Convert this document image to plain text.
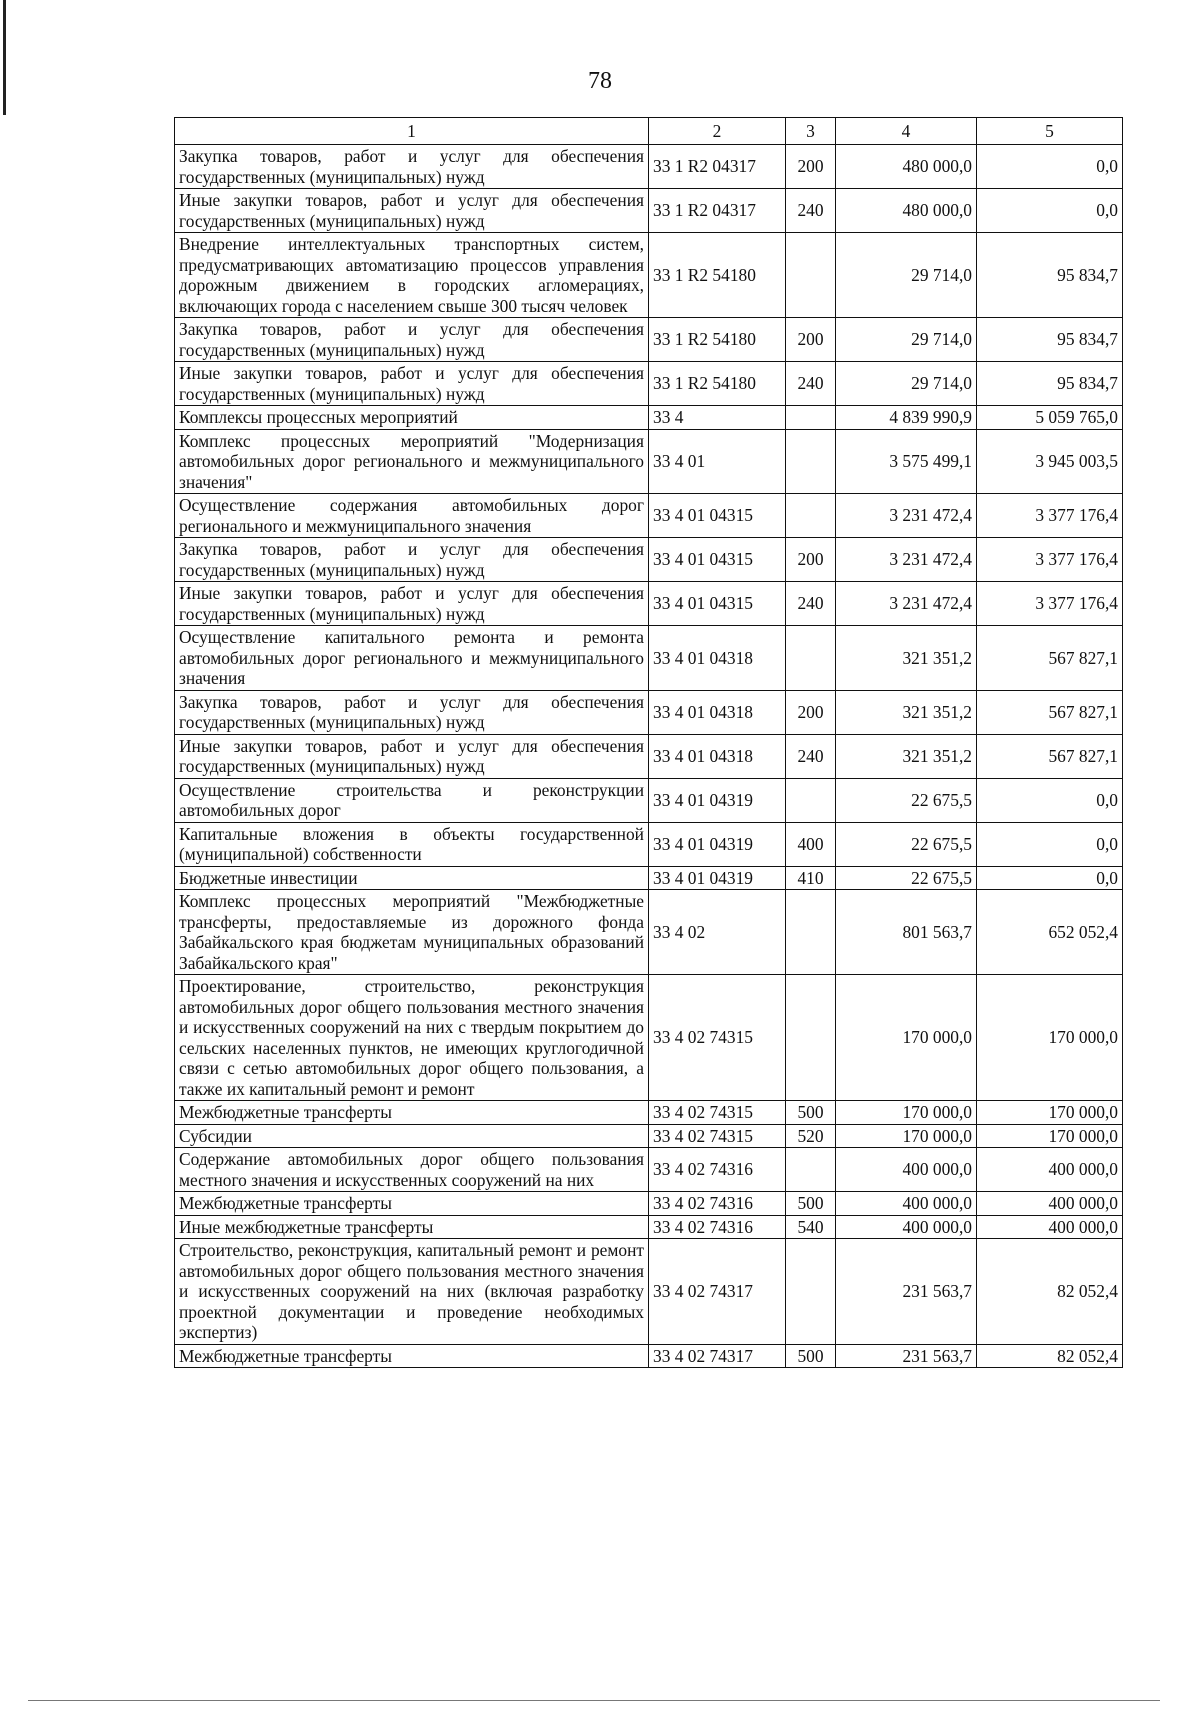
78
1	2	3	4	5
Закупка товаров, работ и услуг для обеспечения государственных (муниципальных) нужд	33 1 R2 04317	200	480 000,0	0,0
Иные закупки товаров, работ и услуг для обеспечения государственных (муниципальных) нужд	33 1 R2 04317	240	480 000,0	0,0
Внедрение интеллектуальных транспортных систем, предусматривающих автоматизацию процессов управления дорожным движением в городских агломерациях, включающих города с населением свыше 300 тысяч человек	33 1 R2 54180		29 714,0	95 834,7
Закупка товаров, работ и услуг для обеспечения государственных (муниципальных) нужд	33 1 R2 54180	200	29 714,0	95 834,7
Иные закупки товаров, работ и услуг для обеспечения государственных (муниципальных) нужд	33 1 R2 54180	240	29 714,0	95 834,7
Комплексы процессных мероприятий	33 4		4 839 990,9	5 059 765,0
Комплекс процессных мероприятий "Модернизация автомобильных дорог регионального и межмуниципального значения"	33 4 01		3 575 499,1	3 945 003,5
Осуществление содержания автомобильных дорог регионального и межмуниципального значения	33 4 01 04315		3 231 472,4	3 377 176,4
Закупка товаров, работ и услуг для обеспечения государственных (муниципальных) нужд	33 4 01 04315	200	3 231 472,4	3 377 176,4
Иные закупки товаров, работ и услуг для обеспечения государственных (муниципальных) нужд	33 4 01 04315	240	3 231 472,4	3 377 176,4
Осуществление капитального ремонта и ремонта автомобильных дорог регионального и межмуниципального значения	33 4 01 04318		321 351,2	567 827,1
Закупка товаров, работ и услуг для обеспечения государственных (муниципальных) нужд	33 4 01 04318	200	321 351,2	567 827,1
Иные закупки товаров, работ и услуг для обеспечения государственных (муниципальных) нужд	33 4 01 04318	240	321 351,2	567 827,1
Осуществление строительства и реконструкции автомобильных дорог	33 4 01 04319		22 675,5	0,0
Капитальные вложения в объекты государственной (муниципальной) собственности	33 4 01 04319	400	22 675,5	0,0
Бюджетные инвестиции	33 4 01 04319	410	22 675,5	0,0
Комплекс процессных мероприятий "Межбюджетные трансферты, предоставляемые из дорожного фонда Забайкальского края бюджетам муниципальных образований Забайкальского края"	33 4 02		801 563,7	652 052,4
Проектирование, строительство, реконструкция автомобильных дорог общего пользования местного значения и искусственных сооружений на них с твердым покрытием до сельских населенных пунктов, не имеющих круглогодичной связи с сетью автомобильных дорог общего пользования, а также их капитальный ремонт и ремонт	33 4 02 74315		170 000,0	170 000,0
Межбюджетные трансферты	33 4 02 74315	500	170 000,0	170 000,0
Субсидии	33 4 02 74315	520	170 000,0	170 000,0
Содержание автомобильных дорог общего пользования местного значения и искусственных сооружений на них	33 4 02 74316		400 000,0	400 000,0
Межбюджетные трансферты	33 4 02 74316	500	400 000,0	400 000,0
Иные межбюджетные трансферты	33 4 02 74316	540	400 000,0	400 000,0
Строительство, реконструкция, капитальный ремонт и ремонт автомобильных дорог общего пользования местного значения и искусственных сооружений на них (включая разработку проектной документации и проведение необходимых экспертиз)	33 4 02 74317		231 563,7	82 052,4
Межбюджетные трансферты	33 4 02 74317	500	231 563,7	82 052,4
